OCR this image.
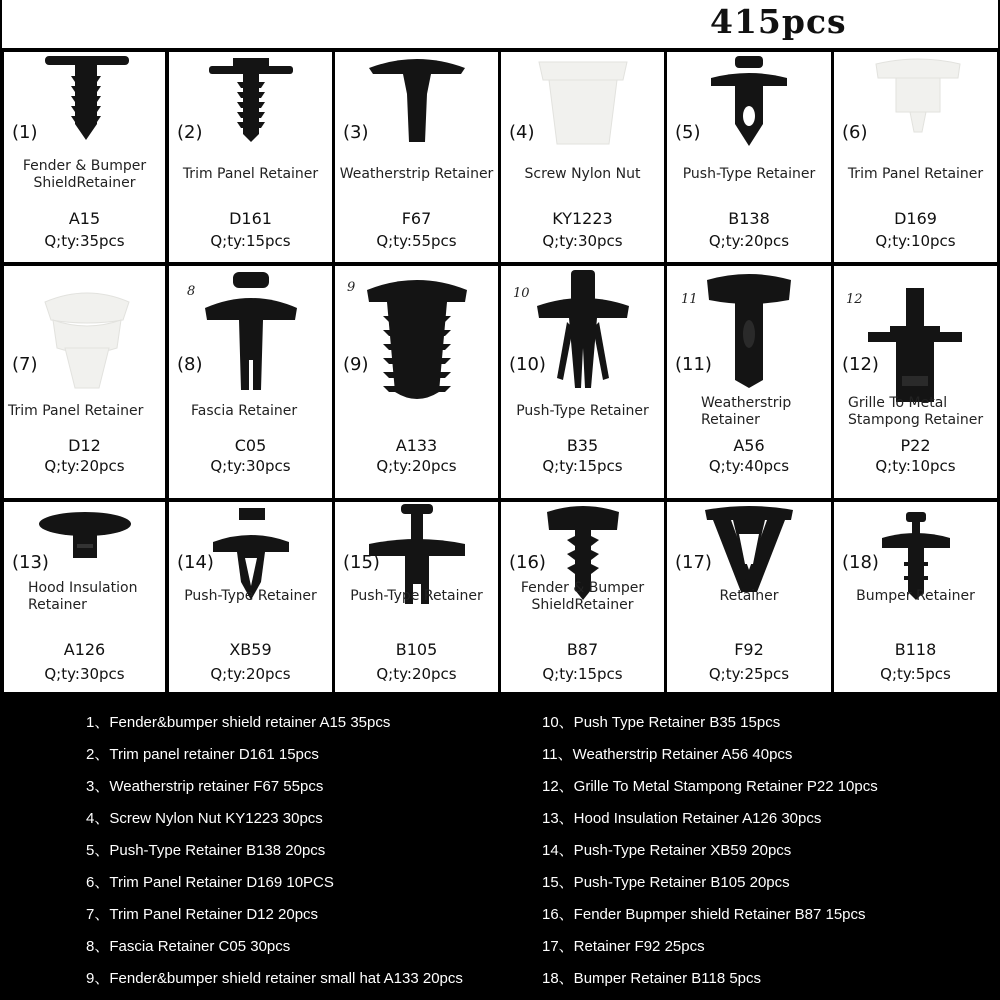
415pcs
(1)
Fender & Bumper
ShieldRetainer
A15
Q;ty:35pcs
(2)
Trim Panel Retainer
D161
Q;ty:15pcs
(3)
Weatherstrip Retainer
F67
Q;ty:55pcs
(4)
Screw Nylon Nut
KY1223
Q;ty:30pcs
(5)
Push-Type Retainer
B138
Q;ty:20pcs
(6)
Trim Panel Retainer
D169
Q;ty:10pcs
(7)
Trim Panel Retainer
D12
Q;ty:20pcs
(8)
8
Fascia Retainer
C05
Q;ty:30pcs
(9)
9
A133
Q;ty:20pcs
(10)
10
Push-Type Retainer
B35
Q;ty:15pcs
(11)
11
Weatherstrip
Retainer
A56
Q;ty:40pcs
(12)
12
Grille To Metal
Stampong Retainer
P22
Q;ty:10pcs
(13)
Hood Insulation
Retainer
A126
Q;ty:30pcs
(14)
Push-Type Retainer
XB59
Q;ty:20pcs
(15)
Push-Type Retainer
B105
Q;ty:20pcs
(16)
Fender & Bumper
ShieldRetainer
B87
Q;ty:15pcs
(17)
Retainer
F92
Q;ty:25pcs
(18)
Bumper Retainer
B118
Q;ty:5pcs
1、Fender&bumper shield retainer A15 35pcs
2、Trim panel retainer D161 15pcs
3、Weatherstrip retainer F67 55pcs
4、Screw Nylon Nut KY1223 30pcs
5、Push-Type Retainer B138 20pcs
6、Trim Panel Retainer D169 10PCS
7、Trim Panel Retainer D12 20pcs
8、Fascia Retainer C05 30pcs
9、Fender&bumper shield retainer small hat A133 20pcs
10、Push Type Retainer B35 15pcs
11、Weatherstrip Retainer A56 40pcs
12、Grille To Metal Stampong Retainer P22 10pcs
13、Hood Insulation Retainer A126 30pcs
14、Push-Type Retainer XB59 20pcs
15、Push-Type Retainer B105 20pcs
16、Fender Bupmper shield Retainer B87 15pcs
17、Retainer F92 25pcs
18、Bumper Retainer B118 5pcs
